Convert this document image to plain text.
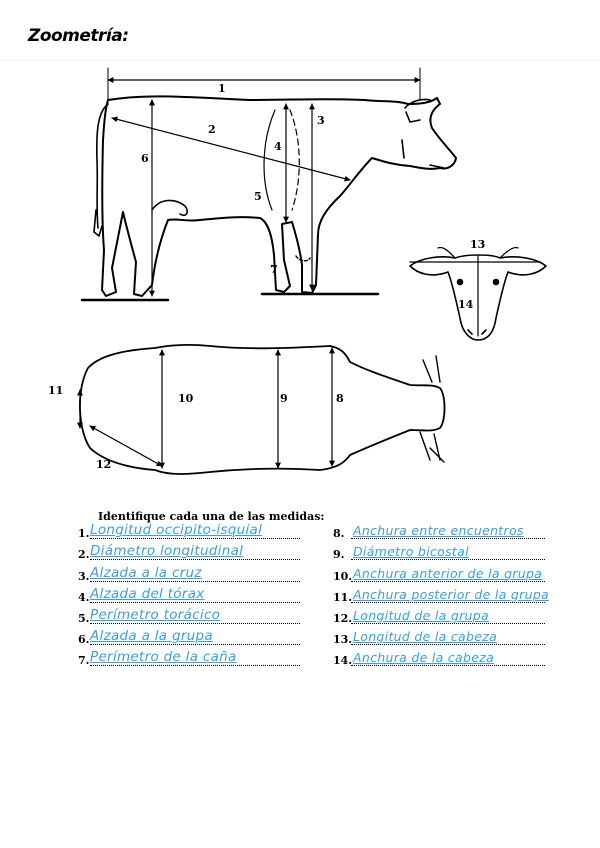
Zoometría:
1
2
3
4
5
6
7
8
9
10
11
12
13
14
Identifique cada una de las medidas:
1. Longitud occipito-isquial
2. Diámetro longitudinal
3. Alzada a la cruz
4. Alzada del tórax
5. Perímetro torácico
6. Alzada a la grupa
7. Perímetro de la caña
8. Anchura entre encuentros
9. Diámetro bicostal
10. Anchura anterior de la grupa
11. Anchura posterior de la grupa
12. Longitud de la grupa
13. Longitud de la cabeza
14. Anchura de la cabeza
